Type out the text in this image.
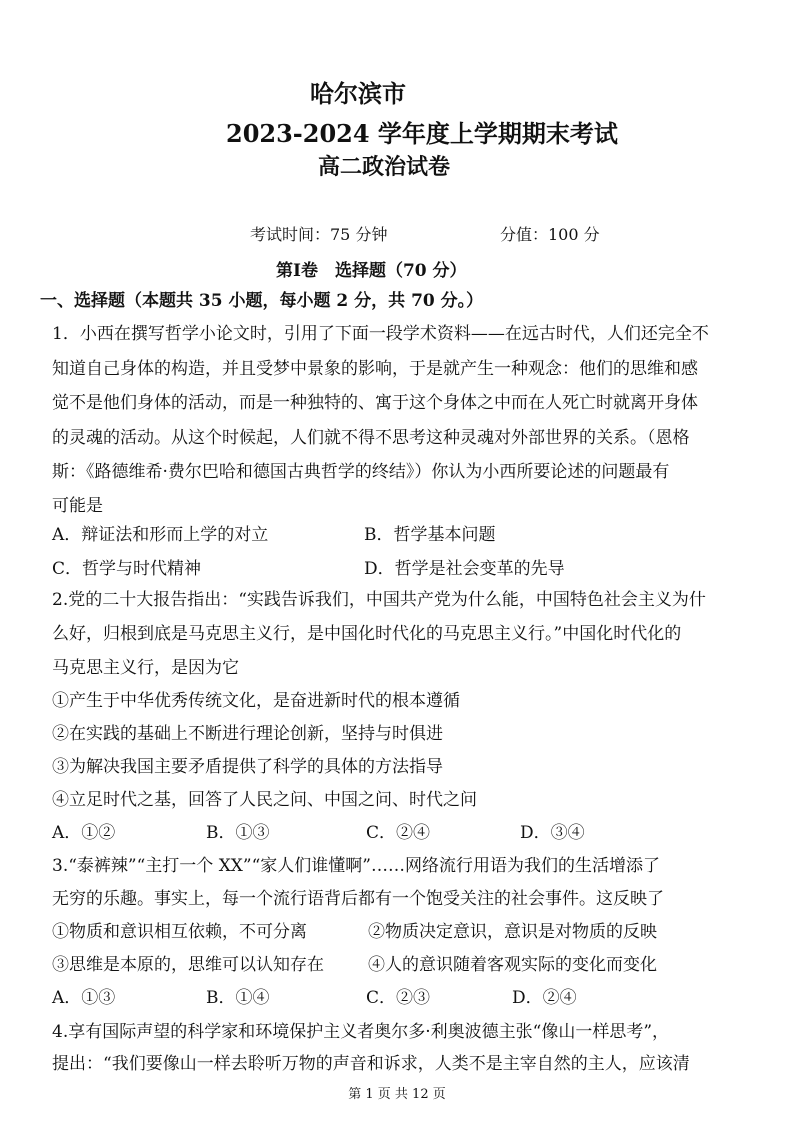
哈尔滨市
2023-2024 学年度上学期期末考试
高二政治试卷
考试时间：75 分钟	分值：100 分
第Ⅰ卷　选择题（70 分）
一、选择题（本题共 35 小题，每小题 2 分，共 70 分。）
1．小西在撰写哲学小论文时，引用了下面一段学术资料——在远古时代，人们还完全不
知道自己身体的构造，并且受梦中景象的影响，于是就产生一种观念：他们的思维和感
觉不是他们身体的活动，而是一种独特的、寓于这个身体之中而在人死亡时就离开身体
的灵魂的活动。从这个时候起，人们就不得不思考这种灵魂对外部世界的关系。（恩格
斯：《路德维希·费尔巴哈和德国古典哲学的终结》）你认为小西所要论述的问题最有
可能是
A．辩证法和形而上学的对立	B．哲学基本问题
C．哲学与时代精神	D．哲学是社会变革的先导
2.党的二十大报告指出：“实践告诉我们，中国共产党为什么能，中国特色社会主义为什
么好，归根到底是马克思主义行，是中国化时代化的马克思主义行。”中国化时代化的
马克思主义行，是因为它
①产生于中华优秀传统文化，是奋进新时代的根本遵循
②在实践的基础上不断进行理论创新，坚持与时俱进
③为解决我国主要矛盾提供了科学的具体的方法指导
④立足时代之基，回答了人民之问、中国之问、时代之问
A．①②	B．①③	C．②④	D．③④
3.“泰裤辣”“主打一个 XX”“家人们谁懂啊”……网络流行用语为我们的生活增添了
无穷的乐趣。事实上，每一个流行语背后都有一个饱受关注的社会事件。这反映了
①物质和意识相互依赖，不可分离	②物质决定意识，意识是对物质的反映
③思维是本原的，思维可以认知存在	④人的意识随着客观实际的变化而变化
A．①③	B．①④	C．②③	D．②④
4.享有国际声望的科学家和环境保护主义者奥尔多·利奥波德主张“像山一样思考”，
提出：“我们要像山一样去聆听万物的声音和诉求，人类不是主宰自然的主人，应该清
第 1 页 共 12 页
